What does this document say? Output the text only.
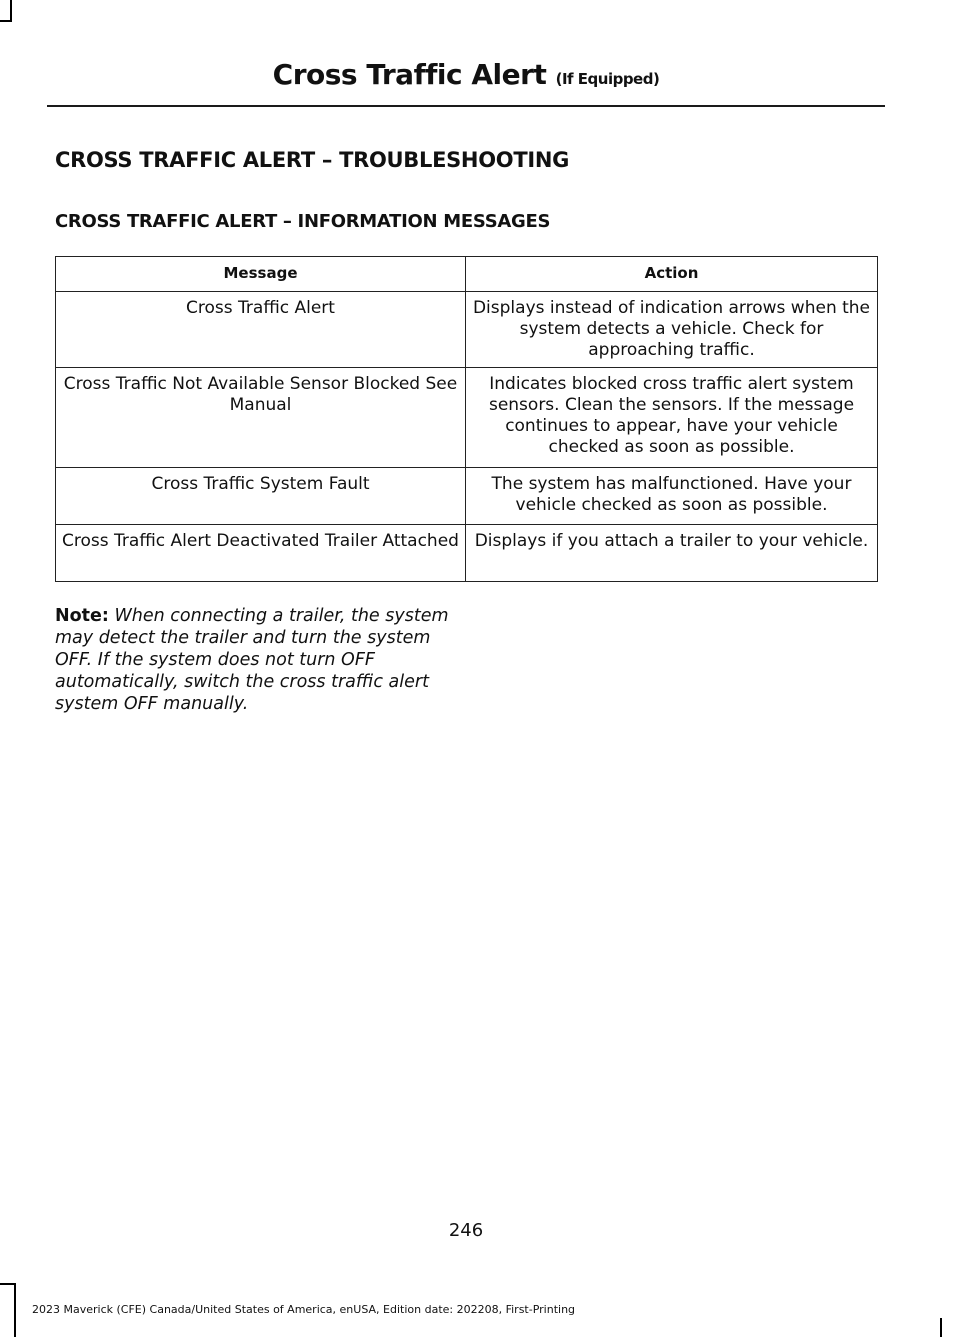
Cross Traffic Alert (If Equipped)
CROSS TRAFFIC ALERT – TROUBLESHOOTING
CROSS TRAFFIC ALERT – INFORMATION MESSAGES
Message	Action
Cross Traffic Alert	Displays instead of indication arrows when the system detects a vehicle. Check for approaching traffic.
Cross Traffic Not Available Sensor Blocked See Manual	Indicates blocked cross traffic alert system sensors. Clean the sensors. If the message continues to appear, have your vehicle checked as soon as possible.
Cross Traffic System Fault	The system has malfunctioned. Have your vehicle checked as soon as possible.
Cross Traffic Alert Deactivated Trailer Attached	Displays if you attach a trailer to your vehicle.
Note: When connecting a trailer, the system may detect the trailer and turn the system OFF. If the system does not turn OFF automatically, switch the cross traffic alert system OFF manually.
246
2023 Maverick (CFE) Canada/United States of America, enUSA, Edition date: 202208, First-Printing
